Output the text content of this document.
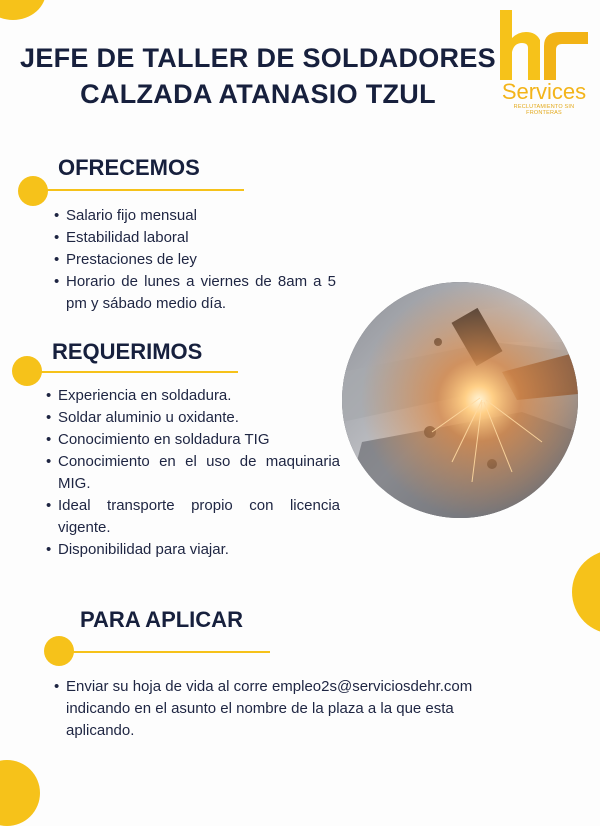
JEFE DE TALLER DE SOLDADORES
CALZADA ATANASIO TZUL	Services
RECLUTAMIENTO SIN FRONTERAS
OFRECEMOS
• Salario fijo mensual
• Estabilidad laboral
• Prestaciones de ley
• Horario de lunes a viernes de 8am a 5 pm y sábado medio día.
REQUERIMOS
• Experiencia en soldadura.
• Soldar aluminio u oxidante.
• Conocimiento en soldadura TIG
• Conocimiento en el uso de maquinaria MIG.
• Ideal transporte propio con licencia vigente.
• Disponibilidad para viajar.
PARA APLICAR
• Enviar su hoja de vida al corre empleo2s@serviciosdehr.com indicando en el asunto el nombre de la plaza a la que esta aplicando.
